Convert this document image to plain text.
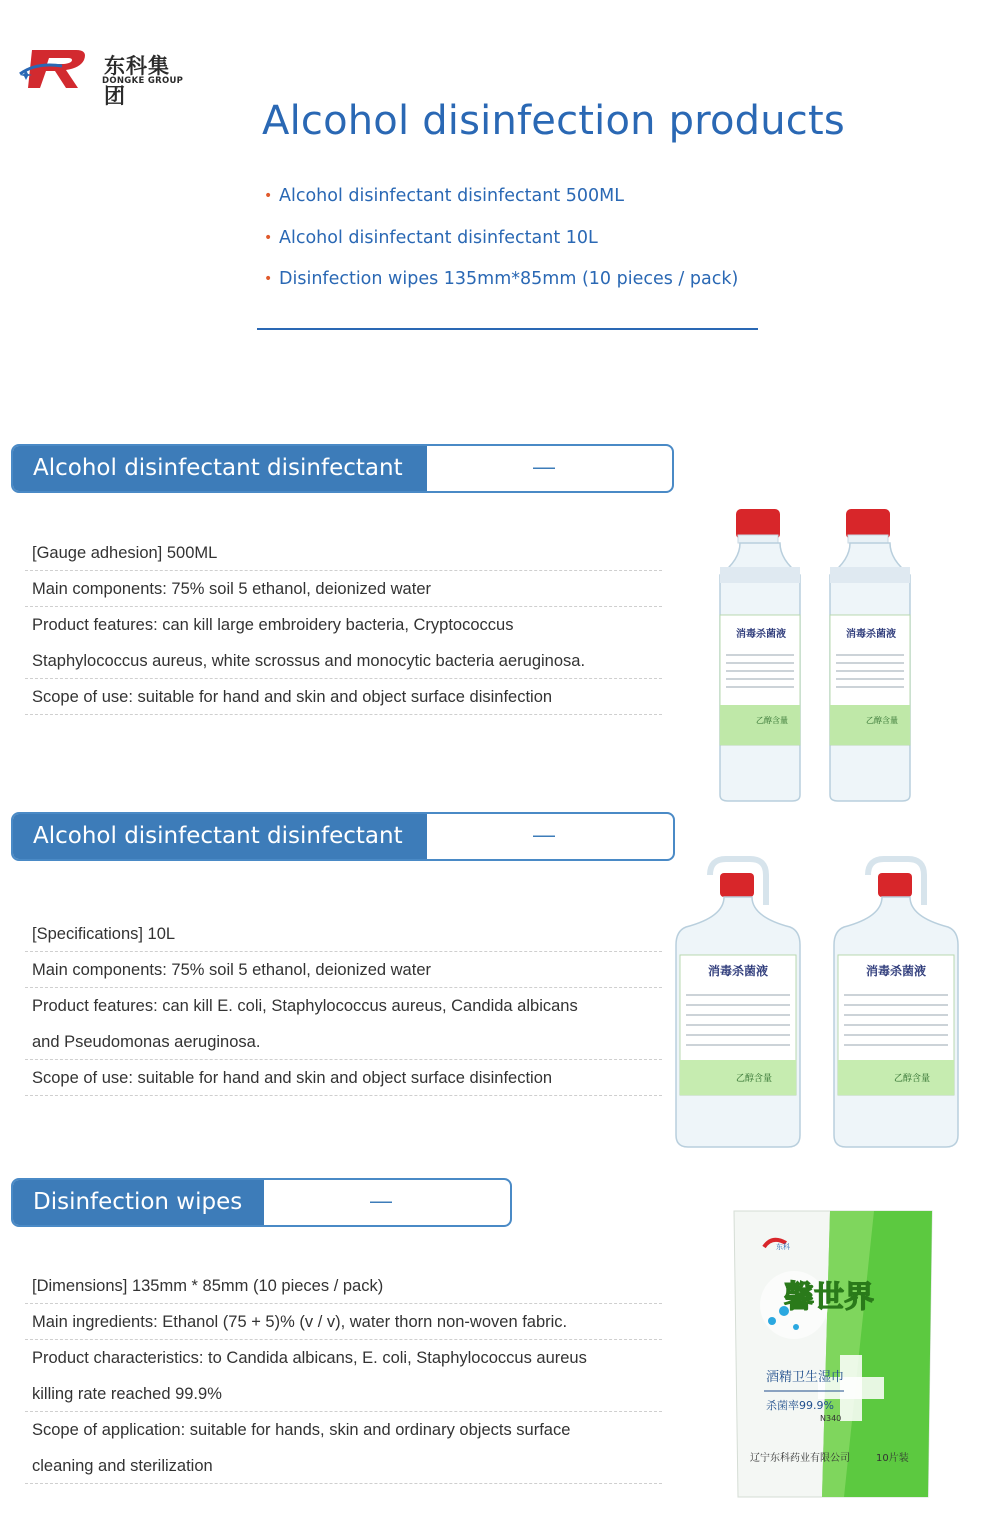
东科集团
DONGKE GROUP
Alcohol disinfection products
• Alcohol disinfectant disinfectant 500ML
• Alcohol disinfectant disinfectant 10L
• Disinfection wipes 135mm*85mm (10 pieces / pack)
Alcohol disinfectant disinfectant	—
[Gauge adhesion] 500ML
Main components: 75% soil 5 ethanol, deionized water
Product features: can kill large embroidery bacteria, Cryptococcus
Staphylococcus aureus, white scrossus and monocytic bacteria aeruginosa.
Scope of use: suitable for hand and skin and object surface disinfection
消毒杀菌液
乙醇含量
消毒杀菌液
乙醇含量
Alcohol disinfectant disinfectant	—
[Specifications] 10L
Main components: 75% soil 5 ethanol, deionized water
Product features: can kill E. coli, Staphylococcus aureus, Candida albicans
and Pseudomonas aeruginosa.
Scope of use: suitable for hand and skin and object surface disinfection
消毒杀菌液
乙醇含量
消毒杀菌液
乙醇含量
Disinfection wipes	—
[Dimensions] 135mm * 85mm (10 pieces / pack)
Main ingredients: Ethanol (75 + 5)% (v / v), water thorn non-woven fabric.
Product characteristics: to Candida albicans, E. coli, Staphylococcus aureus
killing rate reached 99.9%
Scope of application: suitable for hands, skin and ordinary objects surface
cleaning and sterilization
东科
馨世界
酒精卫生湿巾
杀菌率99.9%
N340
辽宁东科药业有限公司	10片装
